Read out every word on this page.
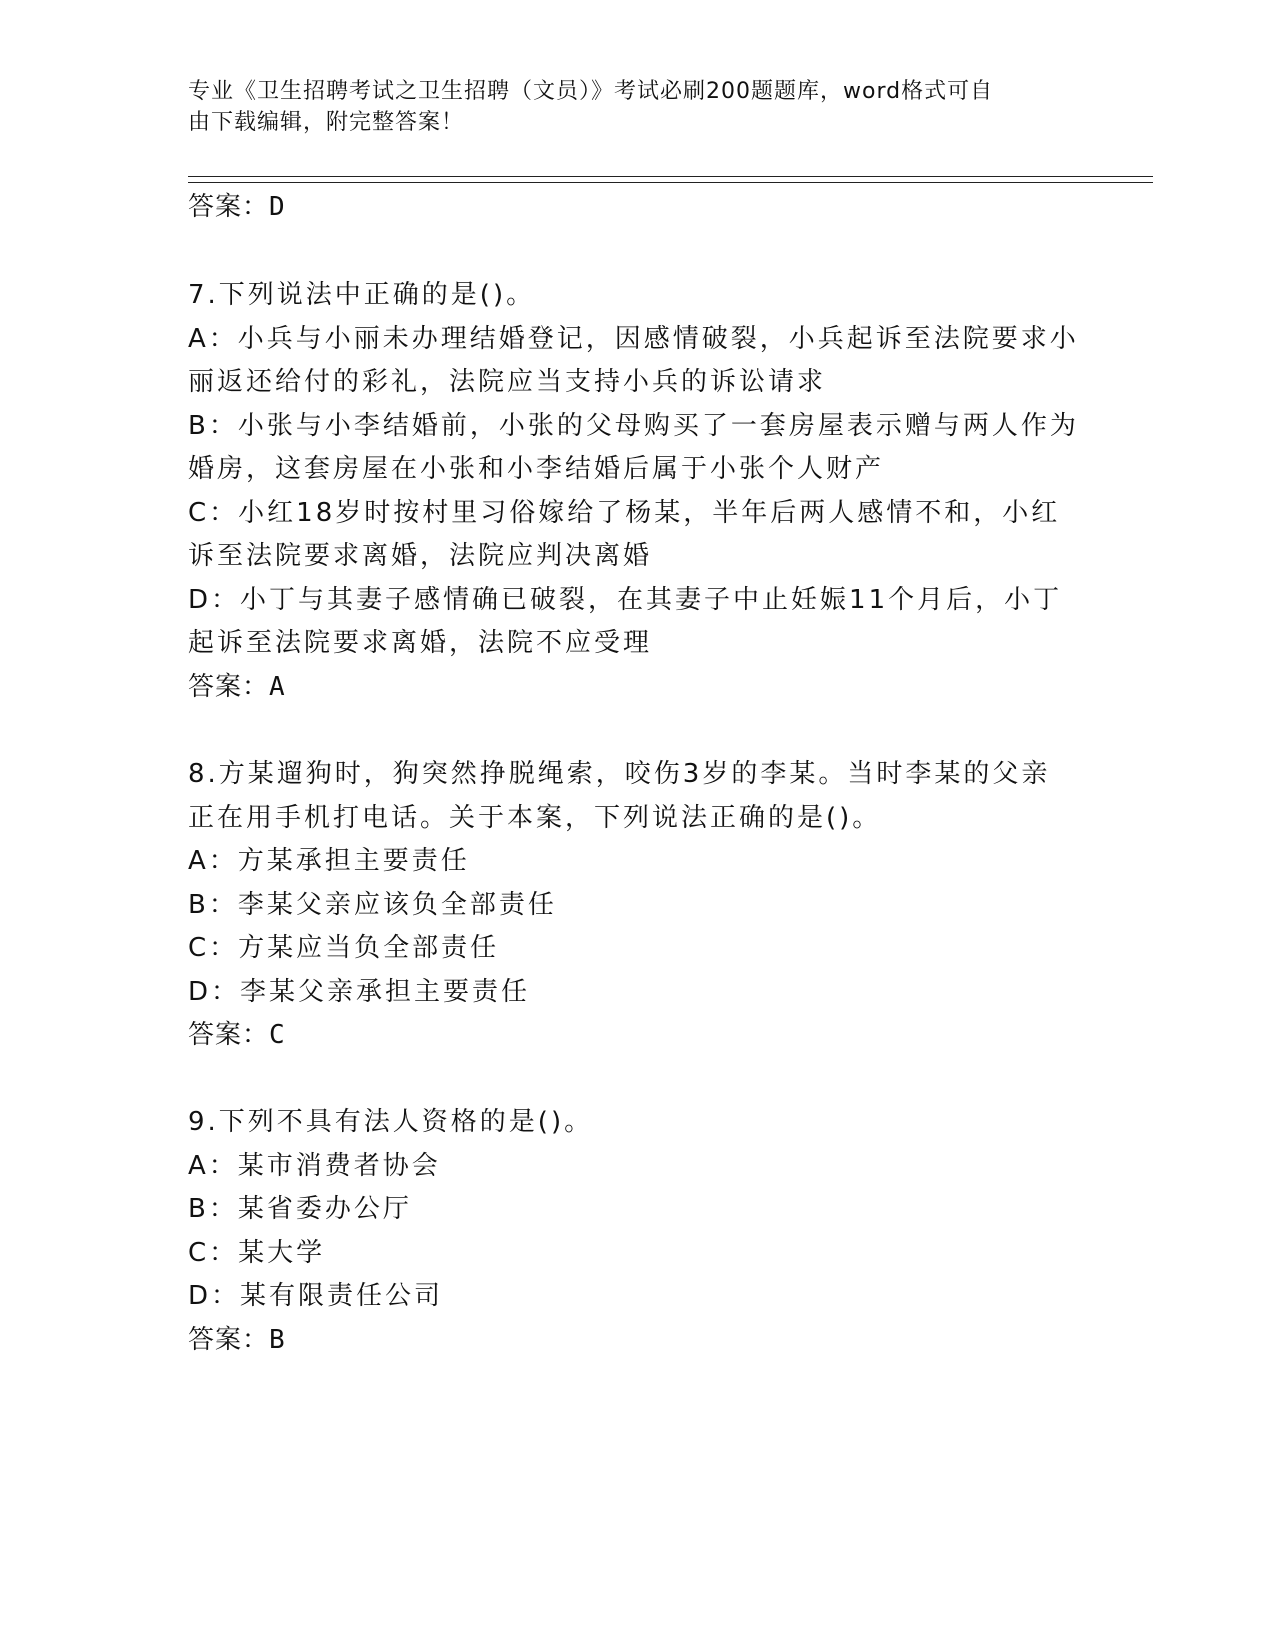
专业《卫生招聘考试之卫生招聘（文员）》考试必刷200题题库，word格式可自
由下载编辑，附完整答案！
答案：D
7.下列说法中正确的是()。
A：小兵与小丽未办理结婚登记，因感情破裂，小兵起诉至法院要求小
丽返还给付的彩礼，法院应当支持小兵的诉讼请求
B：小张与小李结婚前，小张的父母购买了一套房屋表示赠与两人作为
婚房，这套房屋在小张和小李结婚后属于小张个人财产
C：小红18岁时按村里习俗嫁给了杨某，半年后两人感情不和，小红
诉至法院要求离婚，法院应判决离婚
D：小丁与其妻子感情确已破裂，在其妻子中止妊娠11个月后，小丁
起诉至法院要求离婚，法院不应受理
答案：A
8.方某遛狗时，狗突然挣脱绳索，咬伤3岁的李某。当时李某的父亲
正在用手机打电话。关于本案，下列说法正确的是()。
A：方某承担主要责任
B：李某父亲应该负全部责任
C：方某应当负全部责任
D：李某父亲承担主要责任
答案：C
9.下列不具有法人资格的是()。
A：某市消费者协会
B：某省委办公厅
C：某大学
D：某有限责任公司
答案：B
